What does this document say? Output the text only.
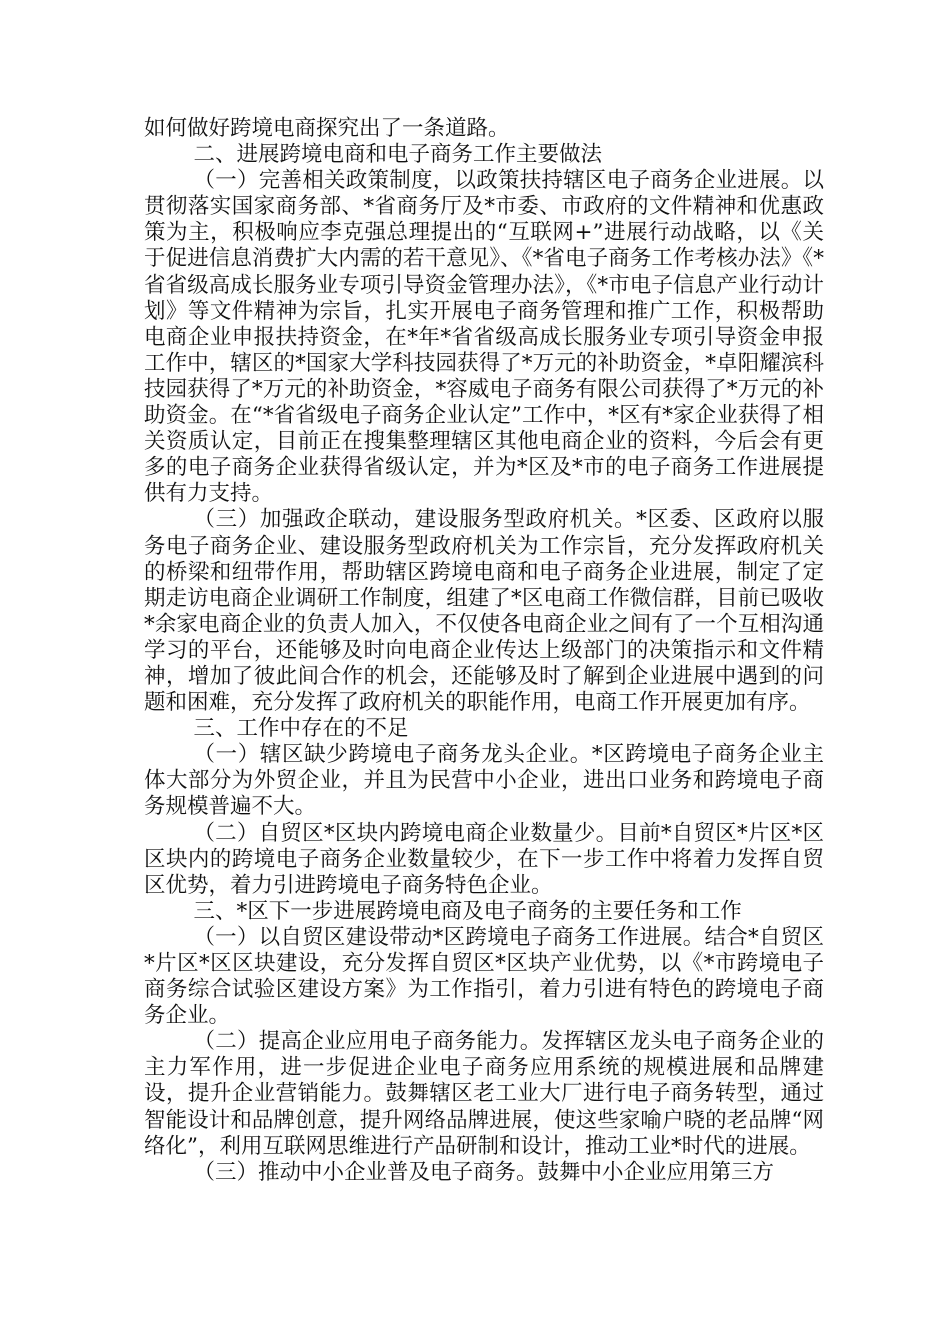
如何做好跨境电商探究出了一条道路。

二、进展跨境电商和电子商务工作主要做法

（一）完善相关政策制度，以政策扶持辖区电子商务企业进展。以贯彻落实国家商务部、*省商务厅及*市委、市政府的文件精神和优惠政策为主，积极响应李克强总理提出的“互联网+”进展行动战略，以《关于促进信息消费扩大内需的若干意见》、《*省电子商务工作考核办法》《*省省级高成长服务业专项引导资金管理办法》，《*市电子信息产业行动计划》等文件精神为宗旨，扎实开展电子商务管理和推广工作，积极帮助电商企业申报扶持资金，在*年*省省级高成长服务业专项引导资金申报工作中，辖区的*国家大学科技园获得了*万元的补助资金，*卓阳耀滨科技园获得了*万元的补助资金，*容威电子商务有限公司获得了*万元的补助资金。在“*省省级电子商务企业认定”工作中，*区有*家企业获得了相关资质认定，目前正在搜集整理辖区其他电商企业的资料，今后会有更多的电子商务企业获得省级认定，并为*区及*市的电子商务工作进展提供有力支持。

（三）加强政企联动，建设服务型政府机关。*区委、区政府以服务电子商务企业、建设服务型政府机关为工作宗旨，充分发挥政府机关的桥梁和纽带作用，帮助辖区跨境电商和电子商务企业进展，制定了定期走访电商企业调研工作制度，组建了*区电商工作微信群，目前已吸收*余家电商企业的负责人加入，不仅使各电商企业之间有了一个互相沟通学习的平台，还能够及时向电商企业传达上级部门的决策指示和文件精神，增加了彼此间合作的机会，还能够及时了解到企业进展中遇到的问题和困难，充分发挥了政府机关的职能作用，电商工作开展更加有序。

三、工作中存在的不足

（一）辖区缺少跨境电子商务龙头企业。*区跨境电子商务企业主体大部分为外贸企业，并且为民营中小企业，进出口业务和跨境电子商务规模普遍不大。

（二）自贸区*区块内跨境电商企业数量少。目前*自贸区*片区*区区块内的跨境电子商务企业数量较少，在下一步工作中将着力发挥自贸区优势，着力引进跨境电子商务特色企业。

三、*区下一步进展跨境电商及电子商务的主要任务和工作

（一）以自贸区建设带动*区跨境电子商务工作进展。结合*自贸区*片区*区区块建设，充分发挥自贸区*区块产业优势，以《*市跨境电子商务综合试验区建设方案》为工作指引，着力引进有特色的跨境电子商务企业。

（二）提高企业应用电子商务能力。发挥辖区龙头电子商务企业的主力军作用，进一步促进企业电子商务应用系统的规模进展和品牌建设，提升企业营销能力。鼓舞辖区老工业大厂进行电子商务转型，通过智能设计和品牌创意，提升网络品牌进展，使这些家喻户晓的老品牌“网络化”，利用互联网思维进行产品研制和设计，推动工业*时代的进展。

（三）推动中小企业普及电子商务。鼓舞中小企业应用第三方
